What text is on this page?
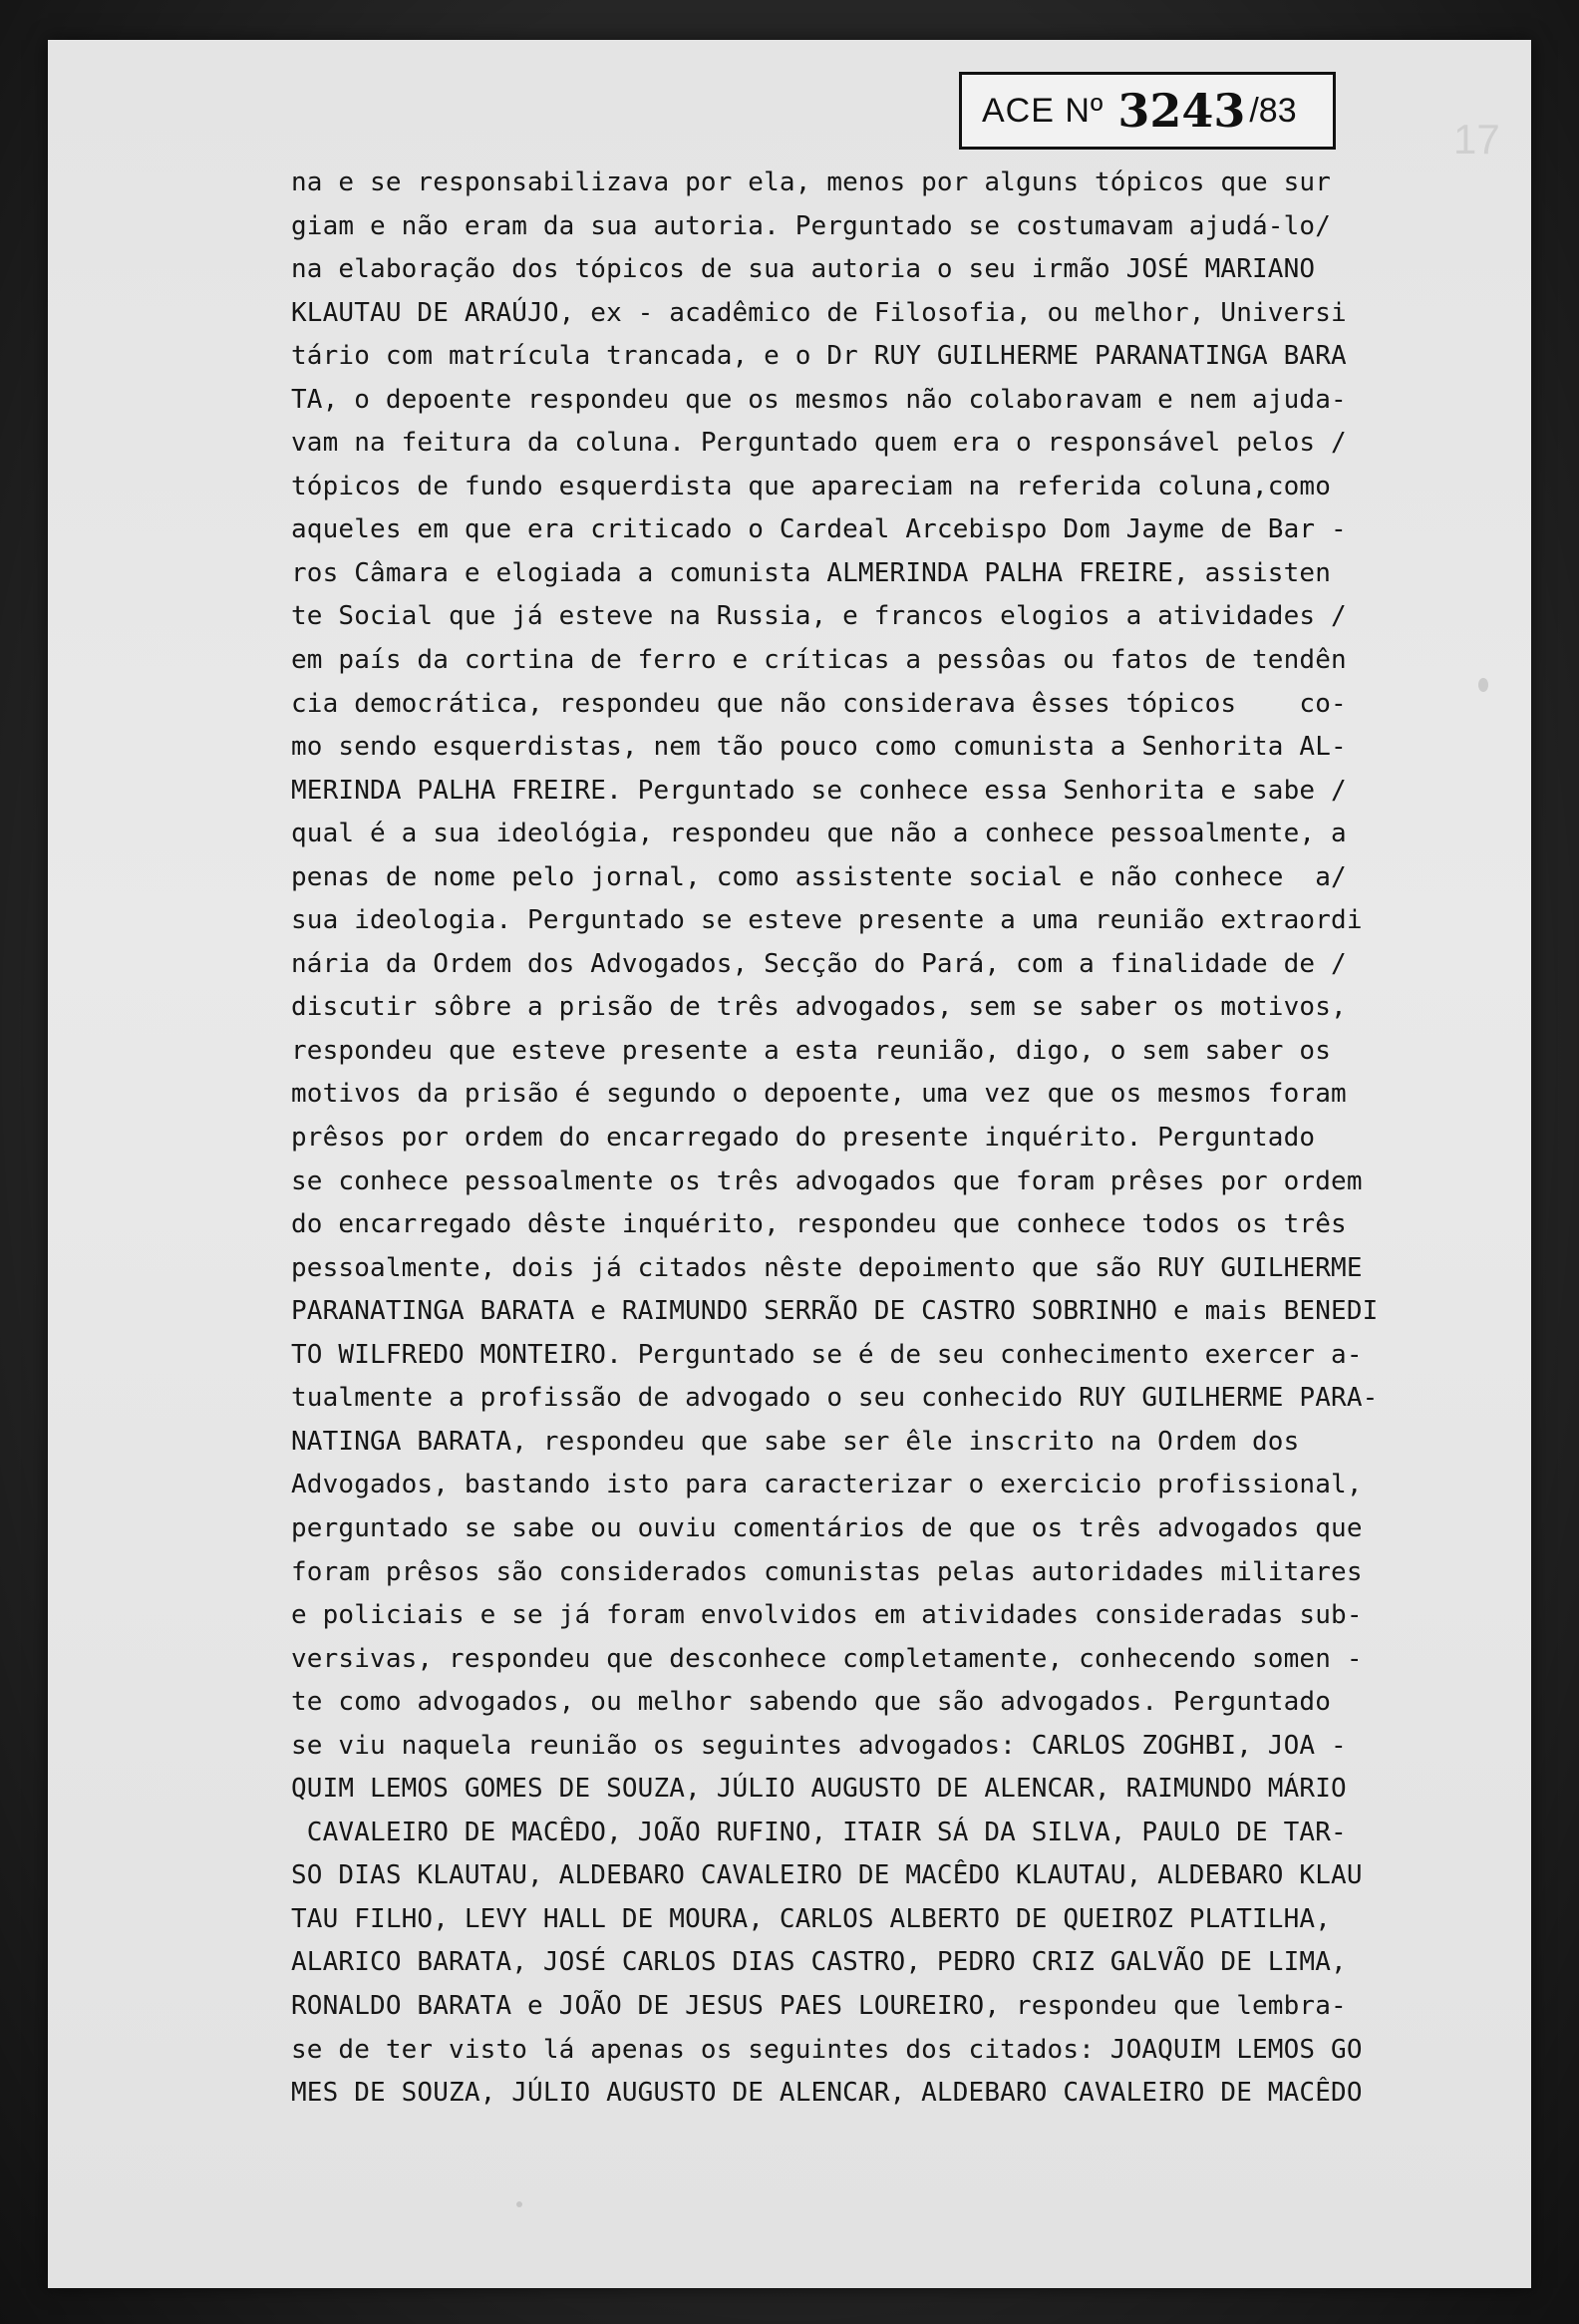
ACE Nº 3243 /83
17
na e se responsabilizava por ela, menos por alguns tópicos que sur
giam e não eram da sua autoria. Perguntado se costumavam ajudá-lo/
na elaboração dos tópicos de sua autoria o seu irmão JOSÉ MARIANO
KLAUTAU DE ARAÚJO, ex - acadêmico de Filosofia, ou melhor, Universi
tário com matrícula trancada, e o Dr RUY GUILHERME PARANATINGA BARA
TA, o depoente respondeu que os mesmos não colaboravam e nem ajuda-
vam na feitura da coluna. Perguntado quem era o responsável pelos /
tópicos de fundo esquerdista que apareciam na referida coluna,como
aqueles em que era criticado o Cardeal Arcebispo Dom Jayme de Bar -
ros Câmara e elogiada a comunista ALMERINDA PALHA FREIRE, assisten
te Social que já esteve na Russia, e francos elogios a atividades /
em país da cortina de ferro e críticas a pessôas ou fatos de tendên
cia democrática, respondeu que não considerava êsses tópicos    co-
mo sendo esquerdistas, nem tão pouco como comunista a Senhorita AL-
MERINDA PALHA FREIRE. Perguntado se conhece essa Senhorita e sabe /
qual é a sua ideológia, respondeu que não a conhece pessoalmente, a
penas de nome pelo jornal, como assistente social e não conhece  a/
sua ideologia. Perguntado se esteve presente a uma reunião extraordi
nária da Ordem dos Advogados, Secção do Pará, com a finalidade de /
discutir sôbre a prisão de três advogados, sem se saber os motivos,
respondeu que esteve presente a esta reunião, digo, o sem saber os
motivos da prisão é segundo o depoente, uma vez que os mesmos foram
prêsos por ordem do encarregado do presente inquérito. Perguntado
se conhece pessoalmente os três advogados que foram prêses por ordem
do encarregado dêste inquérito, respondeu que conhece todos os três
pessoalmente, dois já citados nêste depoimento que são RUY GUILHERME
PARANATINGA BARATA e RAIMUNDO SERRÃO DE CASTRO SOBRINHO e mais BENEDI
TO WILFREDO MONTEIRO. Perguntado se é de seu conhecimento exercer a-
tualmente a profissão de advogado o seu conhecido RUY GUILHERME PARA-
NATINGA BARATA, respondeu que sabe ser êle inscrito na Ordem dos
Advogados, bastando isto para caracterizar o exercicio profissional,
perguntado se sabe ou ouviu comentários de que os três advogados que
foram prêsos são considerados comunistas pelas autoridades militares
e policiais e se já foram envolvidos em atividades consideradas sub-
versivas, respondeu que desconhece completamente, conhecendo somen -
te como advogados, ou melhor sabendo que são advogados. Perguntado
se viu naquela reunião os seguintes advogados: CARLOS ZOGHBI, JOA -
QUIM LEMOS GOMES DE SOUZA, JÚLIO AUGUSTO DE ALENCAR, RAIMUNDO MÁRIO
CAVALEIRO DE MACÊDO, JOÃO RUFINO, ITAIR SÁ DA SILVA, PAULO DE TAR-
SO DIAS KLAUTAU, ALDEBARO CAVALEIRO DE MACÊDO KLAUTAU, ALDEBARO KLAU
TAU FILHO, LEVY HALL DE MOURA, CARLOS ALBERTO DE QUEIROZ PLATILHA,
ALARICO BARATA, JOSÉ CARLOS DIAS CASTRO, PEDRO CRIZ GALVÃO DE LIMA,
RONALDO BARATA e JOÃO DE JESUS PAES LOUREIRO, respondeu que lembra-
se de ter visto lá apenas os seguintes dos citados: JOAQUIM LEMOS GO
MES DE SOUZA, JÚLIO AUGUSTO DE ALENCAR, ALDEBARO CAVALEIRO DE MACÊDO
